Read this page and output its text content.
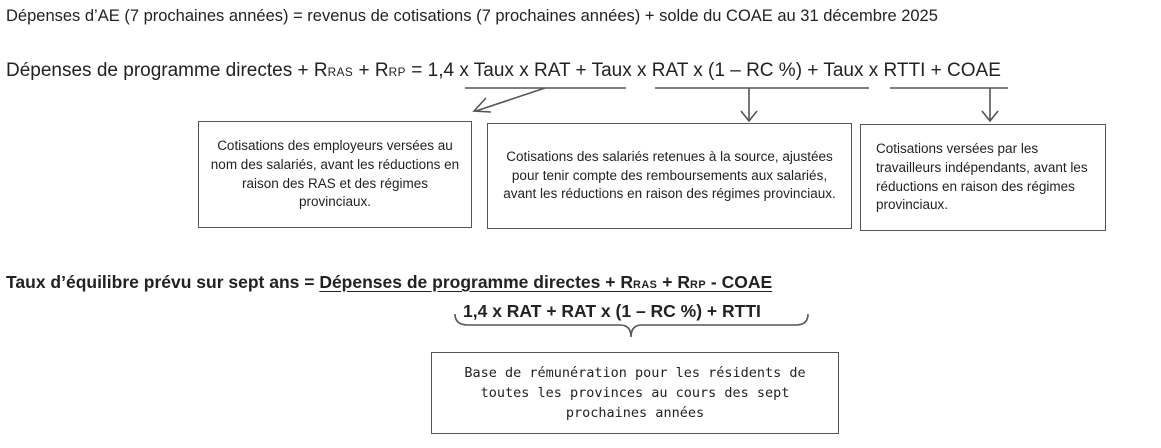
Dépenses d’AE (7 prochaines années) = revenus de cotisations (7 prochaines années) + solde du COAE au 31 décembre 2025
Dépenses de programme directes + RRAS + RRP = 1,4 x Taux x RAT + Taux x RAT x (1 – RC %) + Taux x RTTI + COAE
Cotisations des employeurs versées au nom des salariés, avant les réductions en raison des RAS et des régimes provinciaux.
Cotisations des salariés retenues à la source, ajustées pour tenir compte des remboursements aux salariés, avant les réductions en raison des régimes provinciaux.
Cotisations versées par les travailleurs indépendants, avant les réductions en raison des régimes provinciaux.
Taux d’équilibre prévu sur sept ans = Dépenses de programme directes + RRAS + RRP - COAE
1,4 x RAT + RAT x (1 – RC %) + RTTI
Base de rémunération pour les résidents de toutes les provinces au cours des sept prochaines années
